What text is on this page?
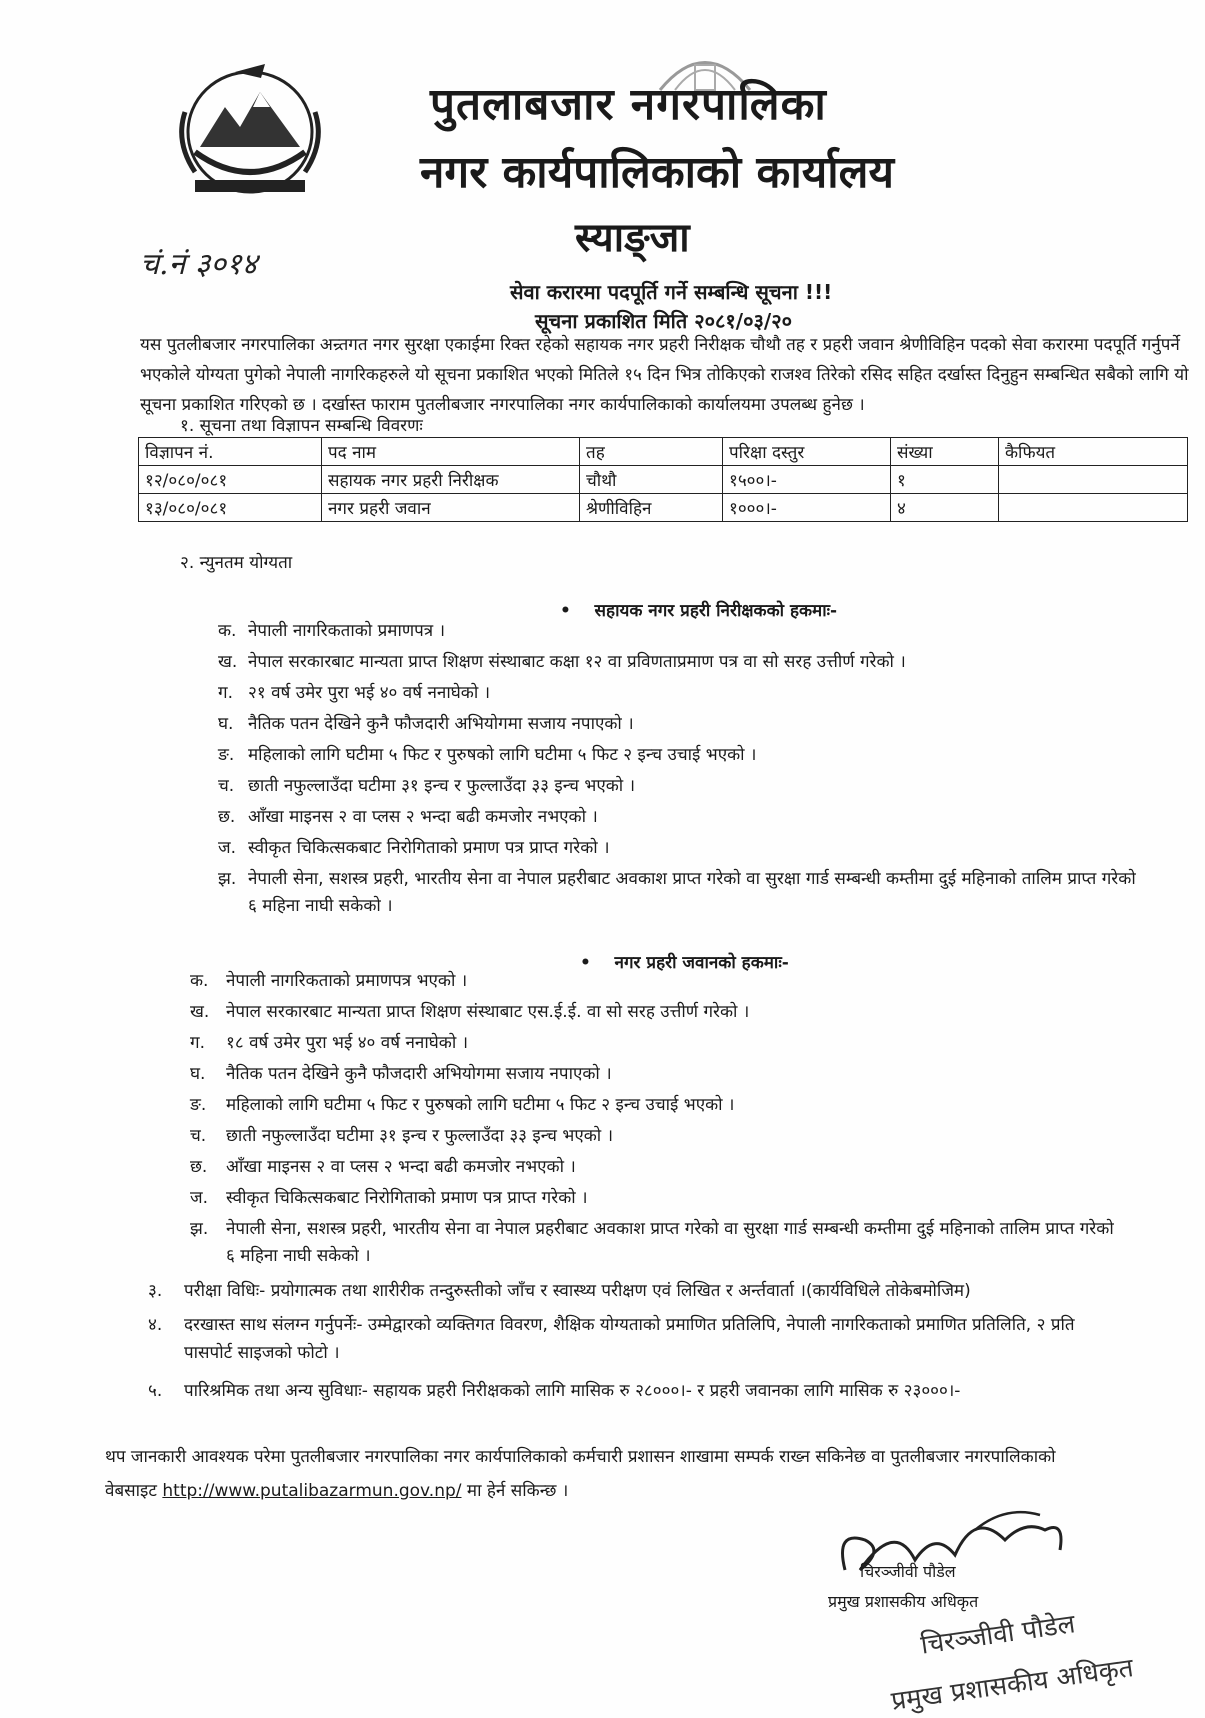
पुतलाबजार नगरपालिका
नगर कार्यपालिकाको कार्यालय
स्याङ्जा
चं.नं ३०१४
सेवा करारमा पदपूर्ति गर्ने सम्बन्धि सूचना !!!
सूचना प्रकाशित मिति २०८१/०३/२०
यस पुतलीबजार नगरपालिका अन्र्तगत नगर सुरक्षा एकाईमा रिक्त रहेको सहायक नगर प्रहरी निरीक्षक चौथौ तह र प्रहरी जवान श्रेणीविहिन पदको सेवा करारमा पदपूर्ति गर्नुपर्ने भएकोले योग्यता पुगेको नेपाली नागरिकहरुले यो सूचना प्रकाशित भएको मितिले १५ दिन भित्र तोकिएको राजश्व तिरेको रसिद सहित दर्खास्त दिनुहुन सम्बन्धित सबैको लागि यो सूचना प्रकाशित गरिएको छ । दर्खास्त फाराम पुतलीबजार नगरपालिका नगर कार्यपालिकाको कार्यालयमा उपलब्ध हुनेछ ।
१. सूचना तथा विज्ञापन सम्बन्धि विवरणः
विज्ञापन नं.	पद नाम	तह	परिक्षा दस्तुर	संख्या	कैफियत
१२/०८०/०८१	सहायक नगर प्रहरी निरीक्षक	चौथौ	१५००।-	१	
१३/०८०/०८१	नगर प्रहरी जवान	श्रेणीविहिन	१०००।-	४	
२. न्युनतम योग्यता
•    सहायक नगर प्रहरी निरीक्षकको हकमाः-
क. नेपाली नागरिकताको प्रमाणपत्र ।
ख. नेपाल सरकारबाट मान्यता प्राप्त शिक्षण संस्थाबाट कक्षा १२ वा प्रविणताप्रमाण पत्र वा सो सरह उत्तीर्ण गरेको ।
ग. २१ वर्ष उमेर पुरा भई ४० वर्ष ननाघेको ।
घ. नैतिक पतन देखिने कुनै फौजदारी अभियोगमा सजाय नपाएको ।
ङ. महिलाको लागि घटीमा ५ फिट र पुरुषको लागि घटीमा ५ फिट २ इन्च उचाई भएको ।
च. छाती नफुल्लाउँदा घटीमा ३१ इन्च र फुल्लाउँदा ३३ इन्च भएको ।
छ. आँखा माइनस २ वा प्लस २ भन्दा बढी कमजोर नभएको ।
ज. स्वीकृत चिकित्सकबाट निरोगिताको प्रमाण पत्र प्राप्त गरेको ।
झ. नेपाली सेना, सशस्त्र प्रहरी, भारतीय सेना वा नेपाल प्रहरीबाट अवकाश प्राप्त गरेको वा सुरक्षा गार्ड सम्बन्धी कम्तीमा दुई महिनाको तालिम प्राप्त गरेको
६ महिना नाघी सकेको ।
•    नगर प्रहरी जवानको हकमाः-
क. नेपाली नागरिकताको प्रमाणपत्र भएको ।
ख. नेपाल सरकारबाट मान्यता प्राप्त शिक्षण संस्थाबाट एस.ई.ई. वा सो सरह उत्तीर्ण गरेको ।
ग. १८ वर्ष उमेर पुरा भई ४० वर्ष ननाघेको ।
घ. नैतिक पतन देखिने कुनै फौजदारी अभियोगमा सजाय नपाएको ।
ङ. महिलाको लागि घटीमा ५ फिट र पुरुषको लागि घटीमा ५ फिट २ इन्च उचाई भएको ।
च. छाती नफुल्लाउँदा घटीमा ३१ इन्च र फुल्लाउँदा ३३ इन्च भएको ।
छ. आँखा माइनस २ वा प्लस २ भन्दा बढी कमजोर नभएको ।
ज. स्वीकृत चिकित्सकबाट निरोगिताको प्रमाण पत्र प्राप्त गरेको ।
झ. नेपाली सेना, सशस्त्र प्रहरी, भारतीय सेना वा नेपाल प्रहरीबाट अवकाश प्राप्त गरेको वा सुरक्षा गार्ड सम्बन्धी कम्तीमा दुई महिनाको तालिम प्राप्त गरेको
६ महिना नाघी सकेको ।
३. परीक्षा विधिः- प्रयोगात्मक तथा शारीरीक तन्दुरुस्तीको जाँच र स्वास्थ्य परीक्षण एवं लिखित र अर्न्तवार्ता ।(कार्यविधिले तोकेबमोजिम)
४. दरखास्त साथ संलग्न गर्नुपर्नेः- उम्मेद्वारको व्यक्तिगत विवरण, शैक्षिक योग्यताको प्रमाणित प्रतिलिपि, नेपाली नागरिकताको प्रमाणित प्रतिलिति, २ प्रति
पासपोर्ट साइजको फोटो ।
५. पारिश्रमिक तथा अन्य सुविधाः- सहायक प्रहरी निरीक्षकको लागि मासिक रु २८०००।- र प्रहरी जवानका लागि मासिक रु २३०००।-
थप जानकारी आवश्यक परेमा पुतलीबजार नगरपालिका नगर कार्यपालिकाको कर्मचारी प्रशासन शाखामा सम्पर्क राख्न सकिनेछ वा पुतलीबजार नगरपालिकाको
वेबसाइट http://www.putalibazarmun.gov.np/ मा हेर्न सकिन्छ ।
चिरञ्जीवी पौडेल
प्रमुख प्रशासकीय अधिकृत
चिरञ्जीवी पौडेल
प्रमुख प्रशासकीय अधिकृत
